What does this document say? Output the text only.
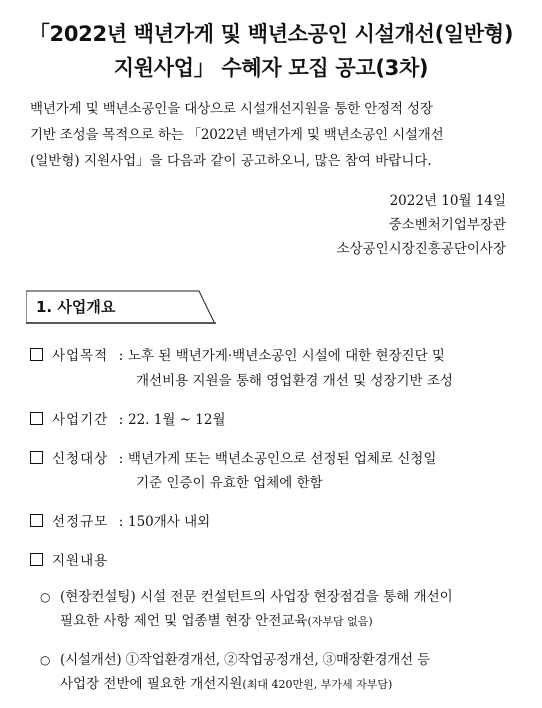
「2022년 백년가게 및 백년소공인 시설개선(일반형)
지원사업」 수혜자 모집 공고(3차)
백년가게 및 백년소공인을 대상으로 시설개선지원을 통한 안정적 성장
기반 조성을 목적으로 하는 「2022년 백년가게 및 백년소공인 시설개선
(일반형) 지원사업」을 다음과 같이 공고하오니, 많은 참여 바랍니다.
2022년 10월 14일
중소벤처기업부장관
소상공인시장진흥공단이사장
1. 사업개요
사업목적 : 노후 된 백년가게·백년소공인 시설에 대한 현장진단 및
개선비용 지원을 통해 영업환경 개선 및 성장기반 조성
사업기간 : 22. 1월 ~ 12월
신청대상 : 백년가게 또는 백년소공인으로 선정된 업체로 신청일
기준 인증이 유효한 업체에 한함
선정규모 : 150개사 내외
지원내용
○ (현장컨설팅) 시설 전문 컨설턴트의 사업장 현장점검을 통해 개선이
필요한 사항 제언 및 업종별 현장 안전교육(자부담 없음)
○ (시설개선) ①작업환경개선, ②작업공정개선, ③매장환경개선 등
사업장 전반에 필요한 개선지원(최대 420만원, 부가세 자부담)
